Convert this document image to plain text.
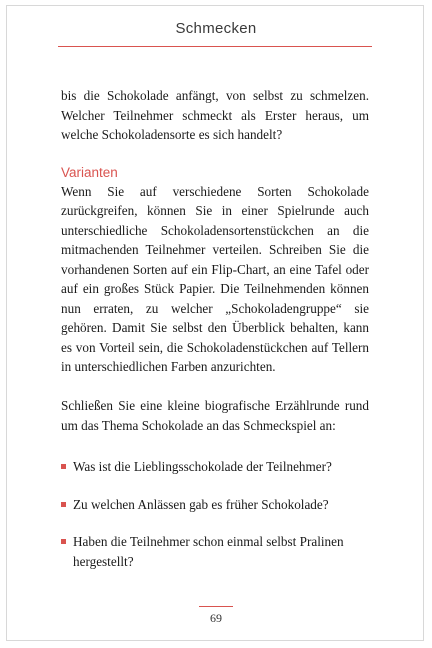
Schmecken

bis die Schokolade anfängt, von selbst zu schmelzen. Welcher Teilnehmer schmeckt als Erster heraus, um welche Schokoladensorte es sich handelt?

Varianten

Wenn Sie auf verschiedene Sorten Schokolade zurückgreifen, können Sie in einer Spielrunde auch unterschiedliche Schokoladensortenstückchen an die mitmachenden Teilnehmer verteilen. Schreiben Sie die vorhandenen Sorten auf ein Flip-Chart, an eine Tafel oder auf ein großes Stück Papier. Die Teilnehmenden können nun erraten, zu welcher „Schokoladengruppe“ sie gehören. Damit Sie selbst den Überblick behalten, kann es von Vorteil sein, die Schokoladenstückchen auf Tellern in unterschiedlichen Farben anzurichten.

Schließen Sie eine kleine biografische Erzählrunde rund um das Thema Schokolade an das Schmeckspiel an:

Was ist die Lieblingsschokolade der Teilnehmer?
Zu welchen Anlässen gab es früher Schokolade?
Haben die Teilnehmer schon einmal selbst Pralinen hergestellt?
69
